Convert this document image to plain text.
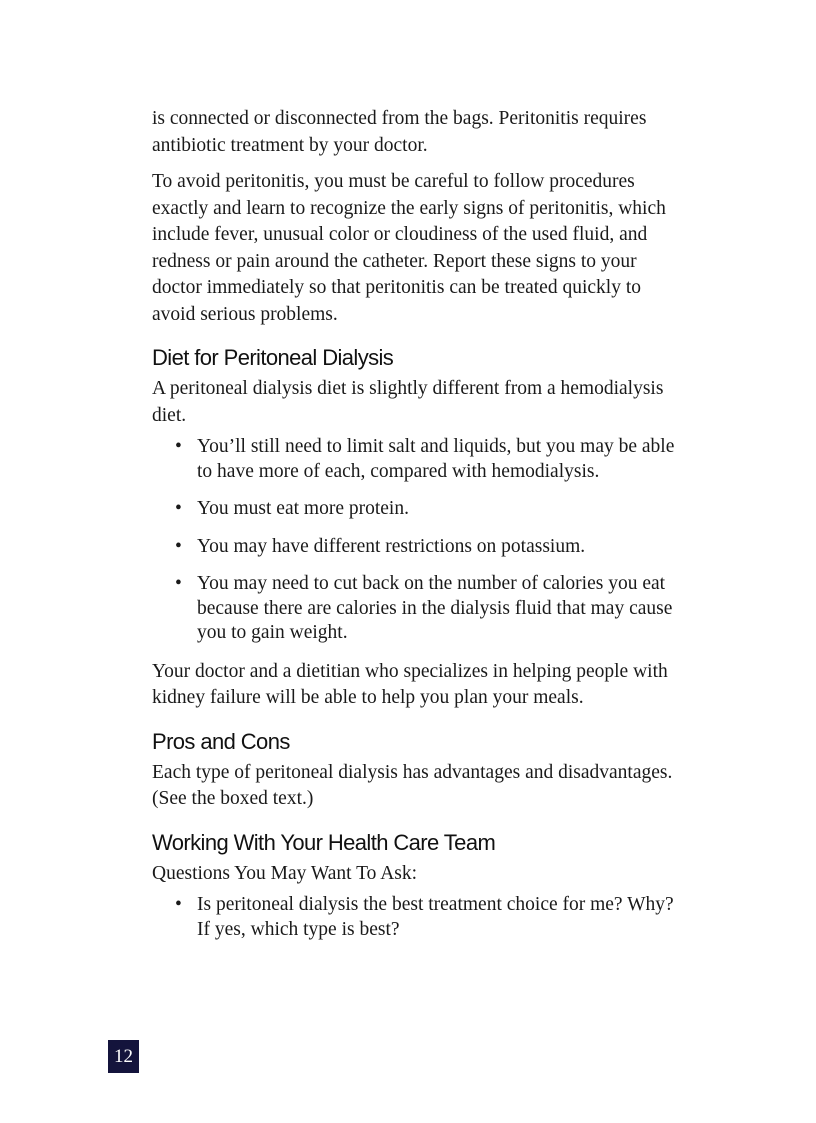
is connected or disconnected from the bags. Peritonitis requires antibiotic treatment by your doctor.

To avoid peritonitis, you must be careful to follow procedures exactly and learn to recognize the early signs of peritonitis, which include fever, unusual color or cloudiness of the used fluid, and redness or pain around the catheter. Report these signs to your doctor immediately so that peritonitis can be treated quickly to avoid serious problems.

Diet for Peritoneal Dialysis

A peritoneal dialysis diet is slightly different from a hemodialysis diet.

• You’ll still need to limit salt and liquids, but you may be able to have more of each, compared with hemodialysis.
• You must eat more protein.
• You may have different restrictions on potassium.
• You may need to cut back on the number of calories you eat because there are calories in the dialysis fluid that may cause you to gain weight.

Your doctor and a dietitian who specializes in helping people with kidney failure will be able to help you plan your meals.

Pros and Cons

Each type of peritoneal dialysis has advantages and disadvantages. (See the boxed text.)

Working With Your Health Care Team

Questions You May Want To Ask:

• Is peritoneal dialysis the best treatment choice for me? Why? If yes, which type is best?
12
